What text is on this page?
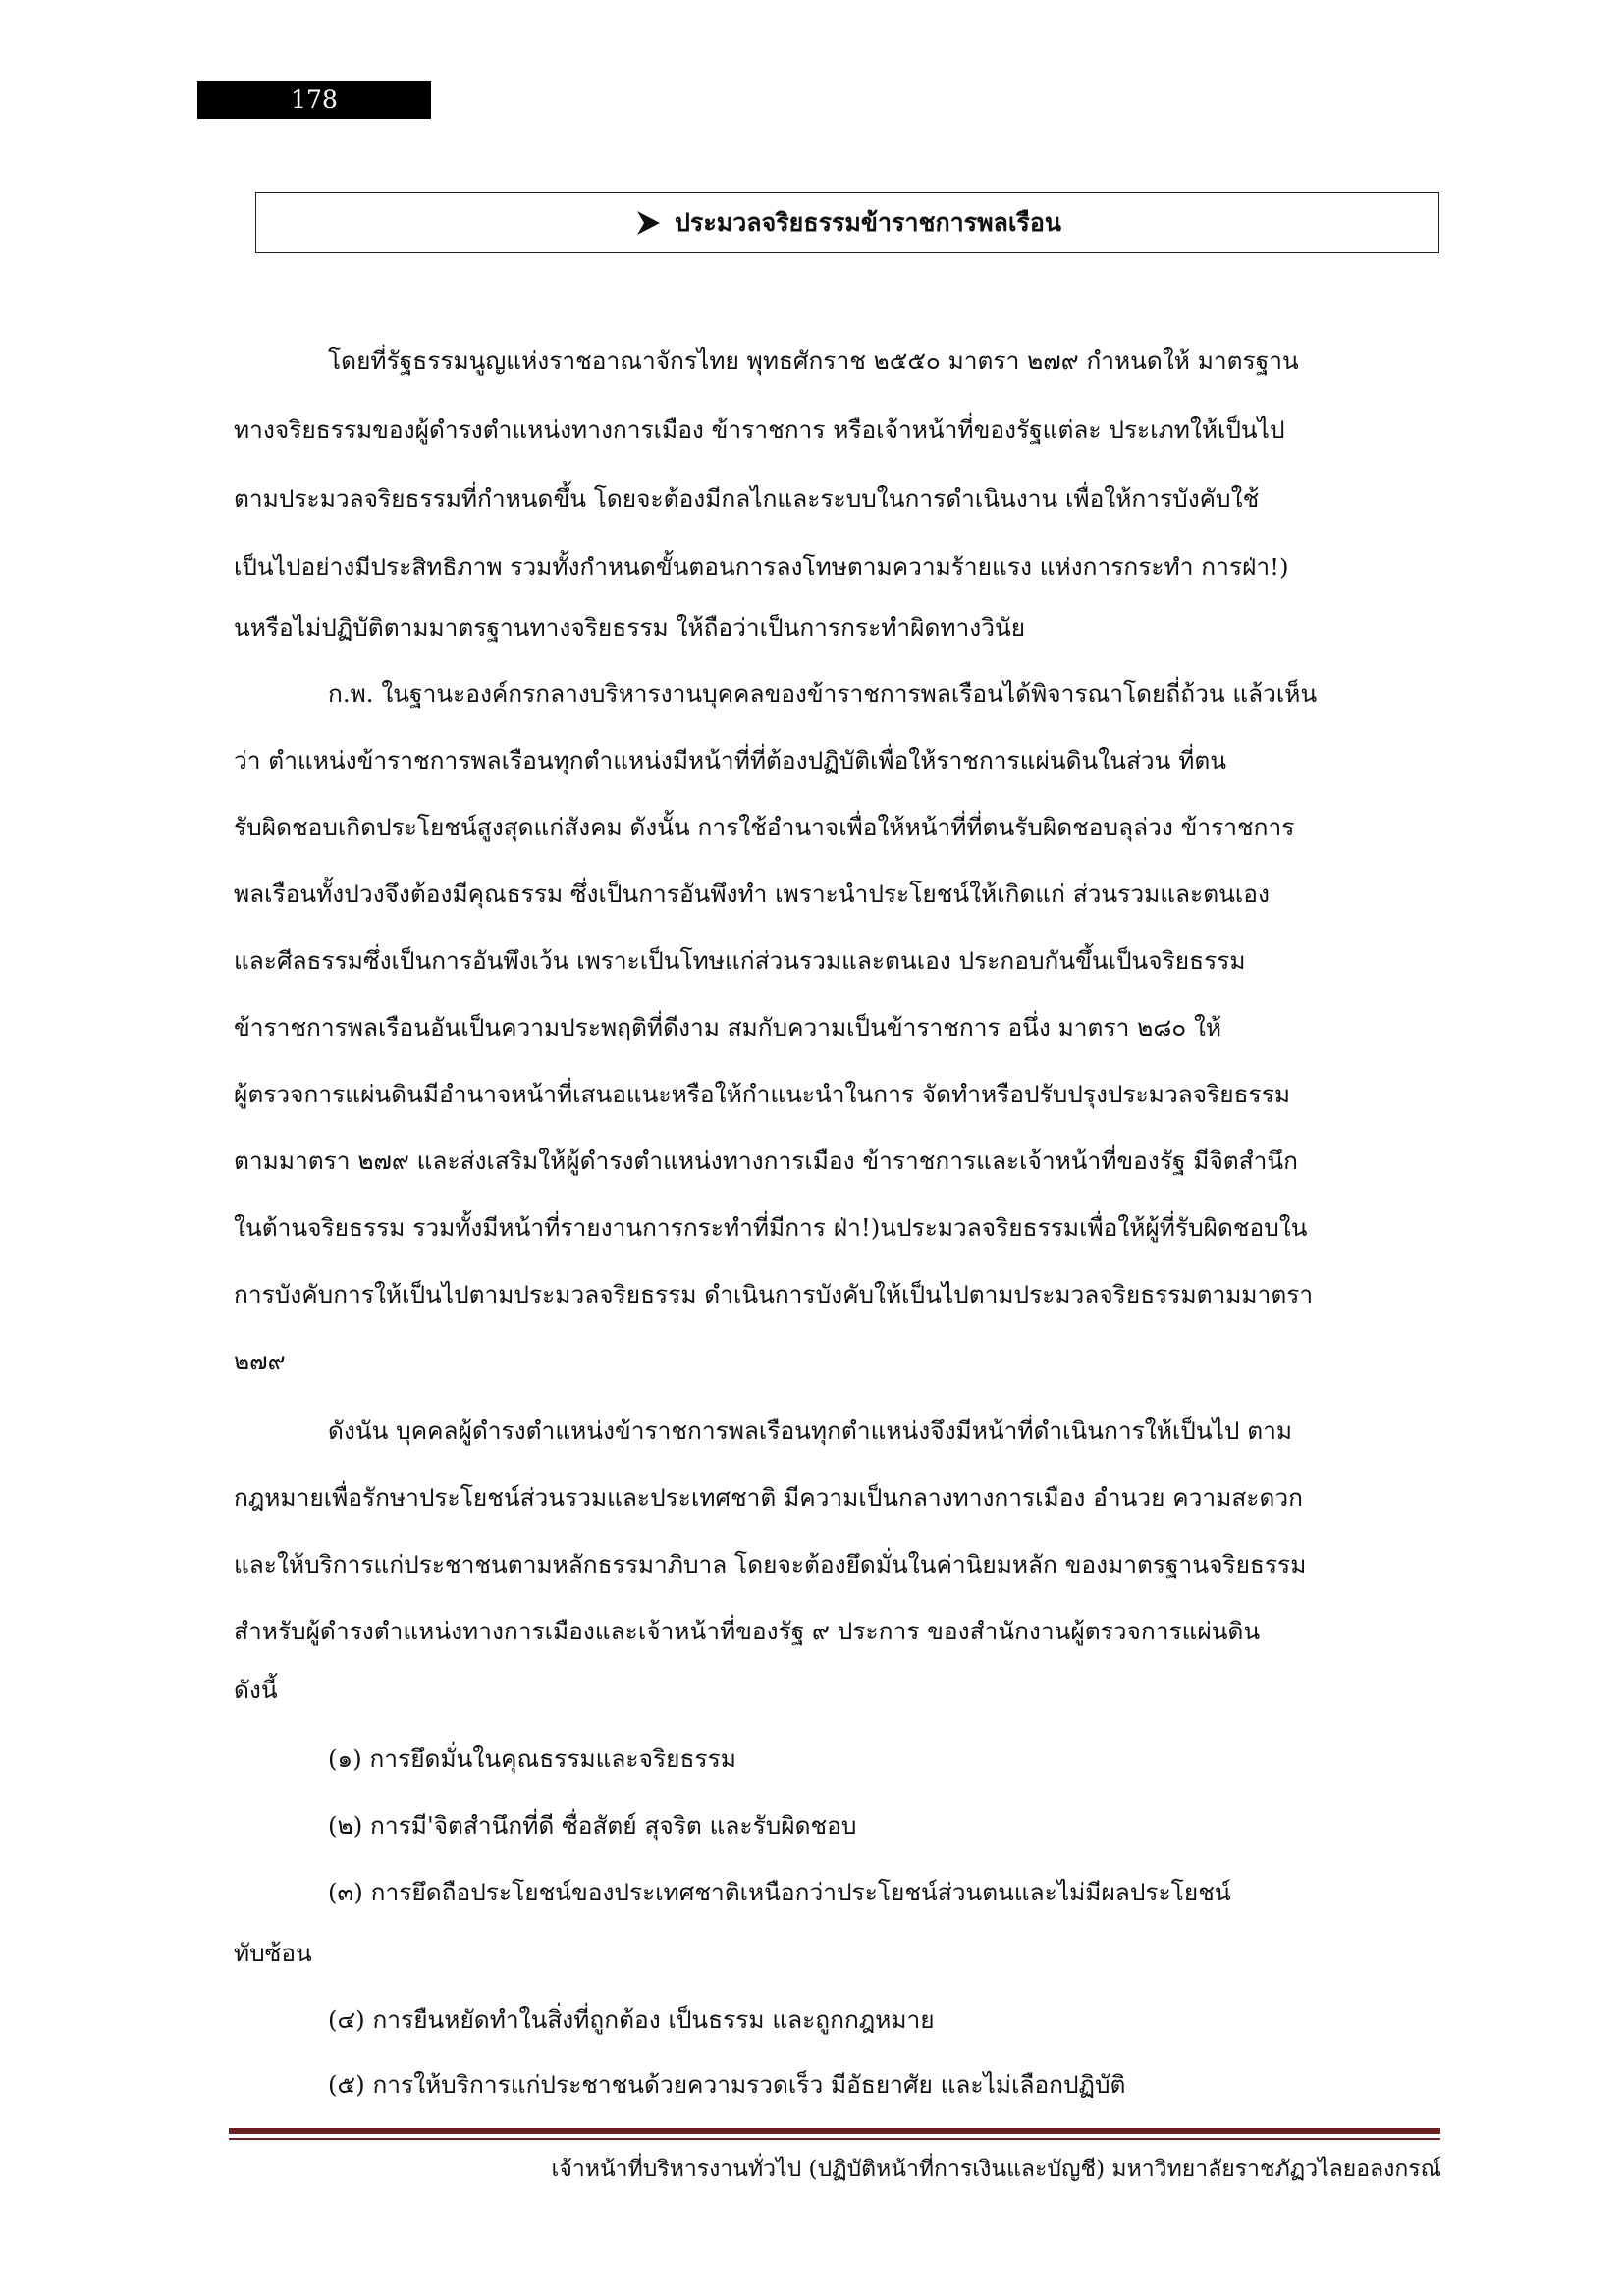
178
ประมวลจริยธรรมข้าราชการพลเรือน
โดยที่รัฐธรรมนูญแห่งราชอาณาจักรไทย พุทธศักราช ๒๕๕๐ มาตรา ๒๗๙ กำหนดให้ มาตรฐาน
ทางจริยธรรมของผู้ดำรงตำแหน่งทางการเมือง ข้าราชการ หรือเจ้าหน้าที่ของรัฐแต่ละ ประเภทให้เป็นไป
ตามประมวลจริยธรรมที่กำหนดขึ้น โดยจะต้องมีกลไกและระบบในการดำเนินงาน เพื่อให้การบังคับใช้
เป็นไปอย่างมีประสิทธิภาพ รวมทั้งกำหนดขั้นตอนการลงโทษตามความร้ายแรง แห่งการกระทำ การฝ่า!)
นหรือไม่ปฏิบัติตามมาตรฐานทางจริยธรรม ให้ถือว่าเป็นการกระทำผิดทางวินัย
ก.พ. ในฐานะองค์กรกลางบริหารงานบุคคลของข้าราชการพลเรือนได้พิจารณาโดยถี่ถ้วน แล้วเห็น
ว่า ตำแหน่งข้าราชการพลเรือนทุกตำแหน่งมีหน้าที่ที่ต้องปฏิบัติเพื่อให้ราชการแผ่นดินในส่วน ที่ตน
รับผิดชอบเกิดประโยชน์สูงสุดแก่สังคม ดังนั้น การใช้อำนาจเพื่อให้หน้าที่ที่ตนรับผิดชอบลุล่วง ข้าราชการ
พลเรือนทั้งปวงจึงต้องมีคุณธรรม ซึ่งเป็นการอันพึงทำ เพราะนำประโยชน์ให้เกิดแก่ ส่วนรวมและตนเอง
และศีลธรรมซึ่งเป็นการอันพึงเว้น เพราะเป็นโทษแก่ส่วนรวมและตนเอง ประกอบกันขึ้นเป็นจริยธรรม
ข้าราชการพลเรือนอันเป็นความประพฤติที่ดีงาม สมกับความเป็นข้าราชการ อนึ่ง มาตรา ๒๘๐ ให้
ผู้ตรวจการแผ่นดินมีอำนาจหน้าที่เสนอแนะหรือให้กำแนะนำในการ จัดทำหรือปรับปรุงประมวลจริยธรรม
ตามมาตรา ๒๗๙ และส่งเสริมให้ผู้ดำรงตำแหน่งทางการเมือง ข้าราชการและเจ้าหน้าที่ของรัฐ มีจิตสำนึก
ในต้านจริยธรรม รวมทั้งมีหน้าที่รายงานการกระทำที่มีการ ฝ่า!)นประมวลจริยธรรมเพื่อให้ผู้ที่รับผิดชอบใน
การบังคับการให้เป็นไปตามประมวลจริยธรรม ดำเนินการบังคับให้เป็นไปตามประมวลจริยธรรมตามมาตรา
๒๗๙
ดังนัน บุคคลผู้ดำรงตำแหน่งข้าราชการพลเรือนทุกตำแหน่งจึงมีหน้าที่ดำเนินการให้เป็นไป ตาม
กฎหมายเพื่อรักษาประโยชน์ส่วนรวมและประเทศชาติ มีความเป็นกลางทางการเมือง อำนวย ความสะดวก
และให้บริการแก่ประชาชนตามหลักธรรมาภิบาล โดยจะต้องยึดมั่นในค่านิยมหลัก ของมาตรฐานจริยธรรม
สำหรับผู้ดำรงตำแหน่งทางการเมืองและเจ้าหน้าที่ของรัฐ ๙ ประการ ของสำนักงานผู้ตรวจการแผ่นดิน
ดังนี้
(๑) การยึดมั่นในคุณธรรมและจริยธรรม
(๒) การมี'จิตสำนึกที่ดี ซื่อสัตย์ สุจริต และรับผิดชอบ
(๓) การยึดถือประโยชน์ของประเทศชาติเหนือกว่าประโยชน์ส่วนตนและไม่มีผลประโยชน์
ทับซ้อน
(๔) การยืนหยัดทำในสิ่งที่ถูกต้อง เป็นธรรม และถูกกฎหมาย
(๕) การให้บริการแก่ประชาชนด้วยความรวดเร็ว มีอัธยาศัย และไม่เลือกปฏิบัติ
เจ้าหน้าที่บริหารงานทั่วไป (ปฏิบัติหน้าที่การเงินและบัญชี) มหาวิทยาลัยราชภัฏวไลยอลงกรณ์
